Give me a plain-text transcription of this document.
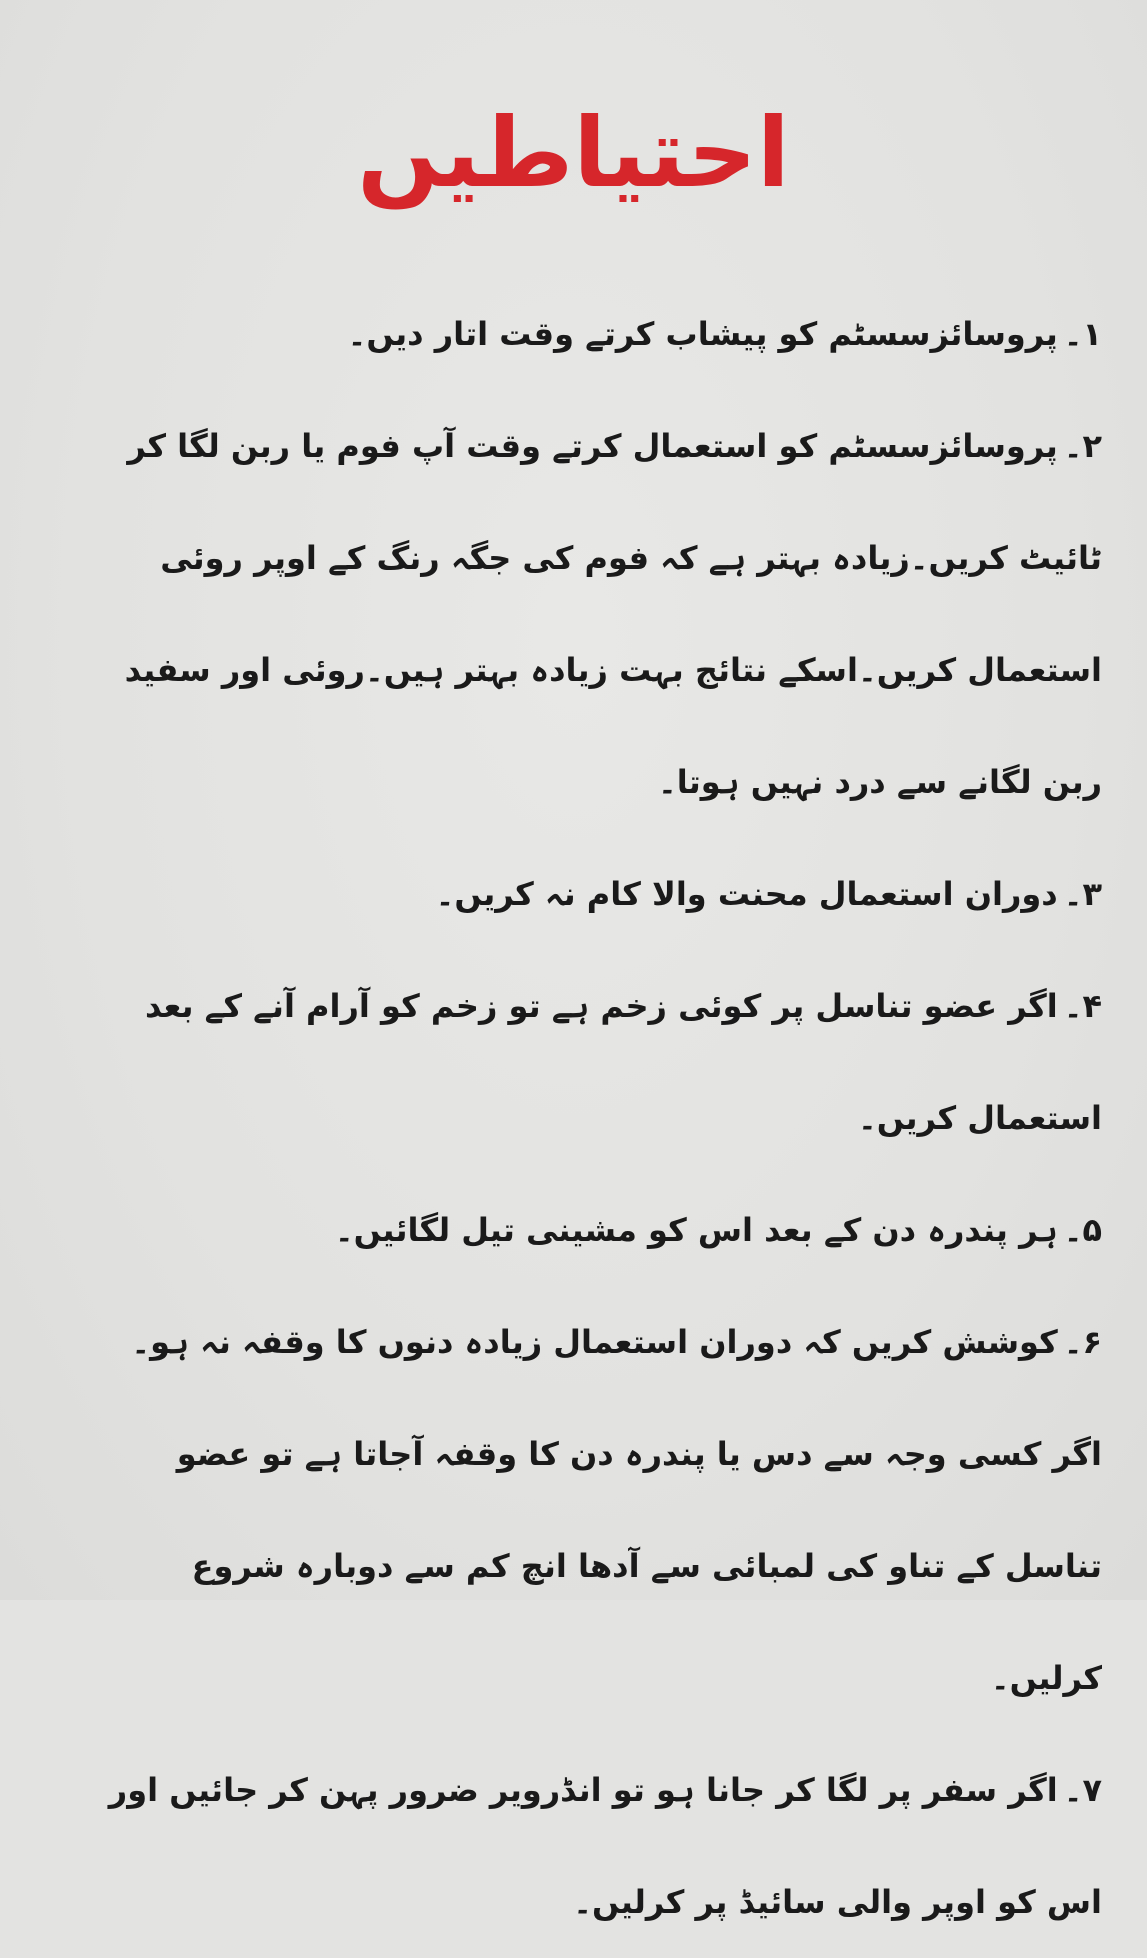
احتیاطیں

۱۔پروسائزسسٹم کو پیشاب کرتے وقت اتار دیں۔

۲۔پروسائزسسٹم کو استعمال کرتے وقت آپ فوم یا ربن لگا کر ٹائیٹ کریں۔زیادہ بہتر ہے کہ فوم کی جگہ رنگ کے اوپر روئی استعمال کریں۔اسکے نتائج بہت زیادہ بہتر ہیں۔روئی اور سفید ربن لگانے سے درد نہیں ہوتا۔

۳۔دوران استعمال محنت والا کام نہ کریں۔

۴۔اگر عضو تناسل پر کوئی زخم ہے تو زخم کو آرام آنے کے بعد استعمال کریں۔

۵۔ہر پندرہ دن کے بعد اس کو مشینی تیل لگائیں۔

۶۔کوشش کریں کہ دوران استعمال زیادہ دنوں کا وقفہ نہ ہو۔اگر کسی وجہ سے دس یا پندرہ دن کا وقفہ آجاتا ہے تو عضو تناسل کے تناو کی لمبائی سے آدھا انچ کم سے دوبارہ شروع کرلیں۔

۷۔اگر سفر پر لگا کر جانا ہو تو انڈرویر ضرور پہن کر جائیں اور اس کو اوپر والی سائیڈ پر کرلیں۔
